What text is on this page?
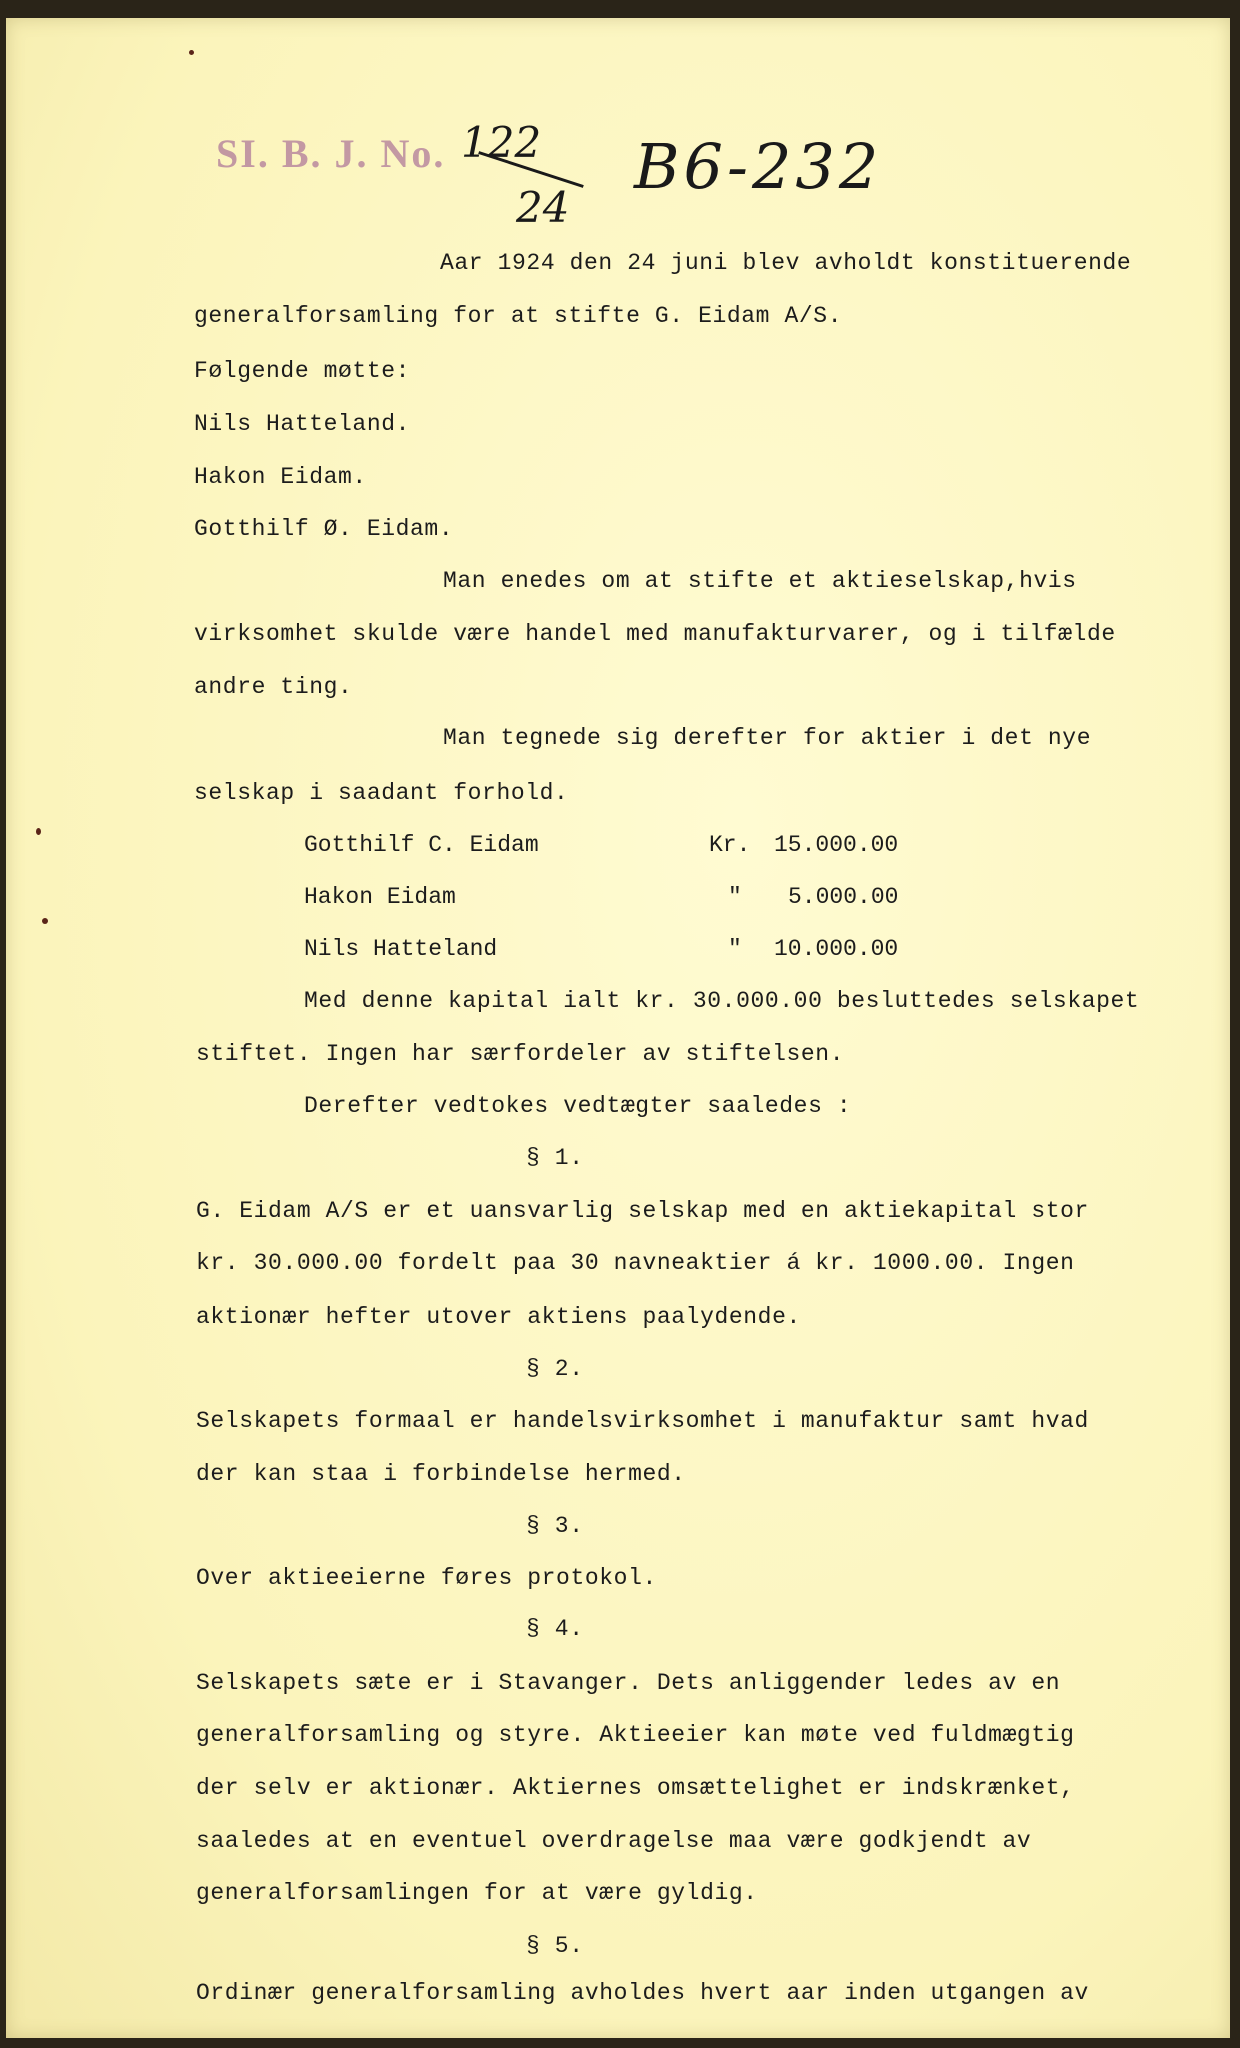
SI. B. J. No. 122
24
B6-232
Aar 1924 den 24 juni blev avholdt konstituerende
generalforsamling for at stifte G. Eidam A/S.
Følgende møtte:
Nils Hatteland.
Hakon Eidam.
Gotthilf Ø. Eidam.
Man enedes om at stifte et aktieselskap,hvis
virksomhet skulde være handel med manufakturvarer, og i tilfælde
andre ting.
Man tegnede sig derefter for aktier i det nye
selskap i saadant forhold.
Gotthilf C. Eidam	Kr. 15.000.00
Hakon Eidam	" 5.000.00
Nils Hatteland	" 10.000.00
Med denne kapital ialt kr. 30.000.00 besluttedes selskapet
stiftet. Ingen har særfordeler av stiftelsen.
Derefter vedtokes vedtægter saaledes :
§ 1.
G. Eidam A/S er et uansvarlig selskap med en aktiekapital stor
kr. 30.000.00 fordelt paa 30 navneaktier á kr. 1000.00. Ingen
aktionær hefter utover aktiens paalydende.
§ 2.
Selskapets formaal er handelsvirksomhet i manufaktur samt hvad
der kan staa i forbindelse hermed.
§ 3.
Over aktieeierne føres protokol.
§ 4.
Selskapets sæte er i Stavanger. Dets anliggender ledes av en
generalforsamling og styre. Aktieeier kan møte ved fuldmægtig
der selv er aktionær. Aktiernes omsættelighet er indskrænket,
saaledes at en eventuel overdragelse maa være godkjendt av
generalforsamlingen for at være gyldig.
§ 5.
Ordinær generalforsamling avholdes hvert aar inden utgangen av
